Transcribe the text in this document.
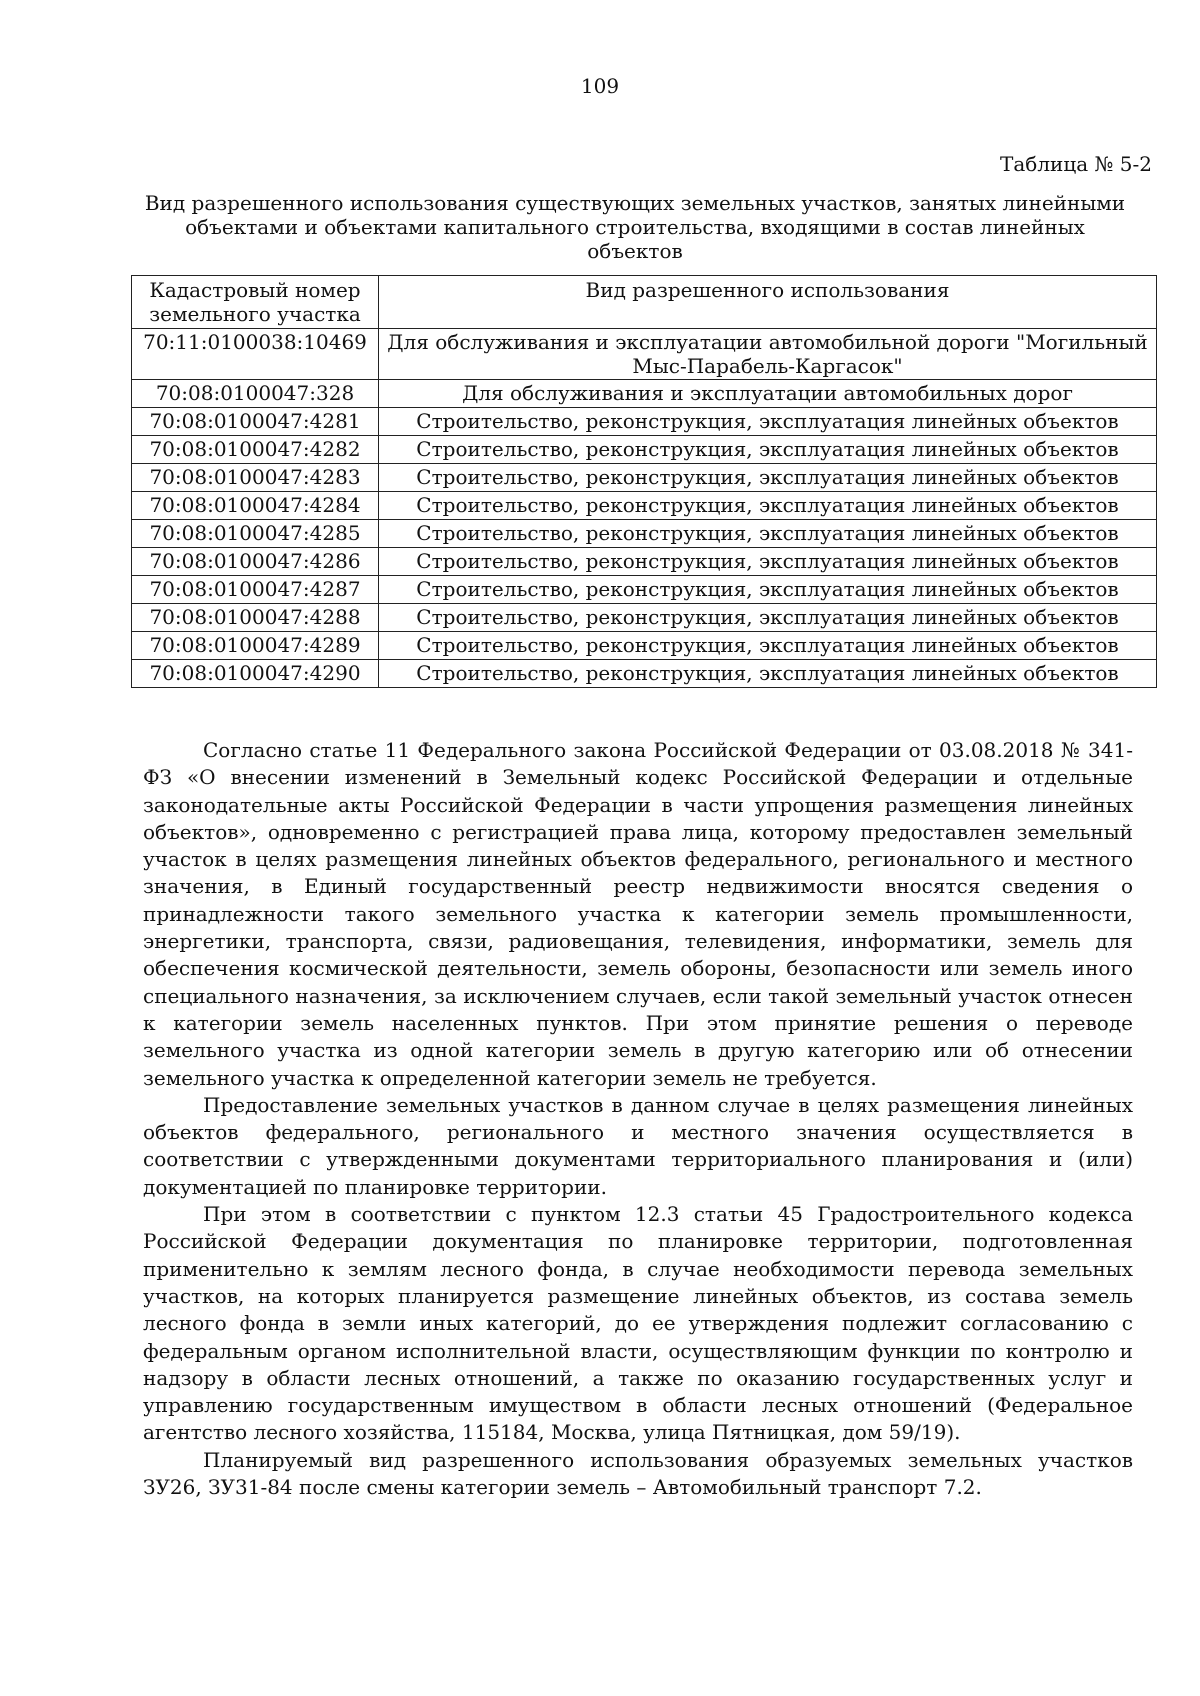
109
Таблица № 5-2
Вид разрешенного использования существующих земельных участков, занятых линейными объектами и объектами капитального строительства, входящими в состав линейных объектов
Кадастровый номер земельного участка	Вид разрешенного использования
70:11:0100038:10469	Для обслуживания и эксплуатации автомобильной дороги "Могильный Мыс-Парабель-Каргасок"
70:08:0100047:328	Для обслуживания и эксплуатации автомобильных дорог
70:08:0100047:4281	Строительство, реконструкция, эксплуатация линейных объектов
70:08:0100047:4282	Строительство, реконструкция, эксплуатация линейных объектов
70:08:0100047:4283	Строительство, реконструкция, эксплуатация линейных объектов
70:08:0100047:4284	Строительство, реконструкция, эксплуатация линейных объектов
70:08:0100047:4285	Строительство, реконструкция, эксплуатация линейных объектов
70:08:0100047:4286	Строительство, реконструкция, эксплуатация линейных объектов
70:08:0100047:4287	Строительство, реконструкция, эксплуатация линейных объектов
70:08:0100047:4288	Строительство, реконструкция, эксплуатация линейных объектов
70:08:0100047:4289	Строительство, реконструкция, эксплуатация линейных объектов
70:08:0100047:4290	Строительство, реконструкция, эксплуатация линейных объектов

Согласно статье 11 Федерального закона Российской Федерации от 03.08.2018 № 341-ФЗ «О внесении изменений в Земельный кодекс Российской Федерации и отдельные законодательные акты Российской Федерации в части упрощения размещения линейных объектов», одновременно с регистрацией права лица, которому предоставлен земельный участок в целях размещения линейных объектов федерального, регионального и местного значения, в Единый государственный реестр недвижимости вносятся сведения о принадлежности такого земельного участка к категории земель промышленности, энергетики, транспорта, связи, радиовещания, телевидения, информатики, земель для обеспечения космической деятельности, земель обороны, безопасности или земель иного специального назначения, за исключением случаев, если такой земельный участок отнесен к категории земель населенных пунктов. При этом принятие решения о переводе земельного участка из одной категории земель в другую категорию или об отнесении земельного участка к определенной категории земель не требуется.

Предоставление земельных участков в данном случае в целях размещения линейных объектов федерального, регионального и местного значения осуществляется в соответствии с утвержденными документами территориального планирования и (или) документацией по планировке территории.

При этом в соответствии с пунктом 12.3 статьи 45 Градостроительного кодекса Российской Федерации документация по планировке территории, подготовленная применительно к землям лесного фонда, в случае необходимости перевода земельных участков, на которых планируется размещение линейных объектов, из состава земель лесного фонда в земли иных категорий, до ее утверждения подлежит согласованию с федеральным органом исполнительной власти, осуществляющим функции по контролю и надзору в области лесных отношений, а также по оказанию государственных услуг и управлению государственным имуществом в области лесных отношений (Федеральное агентство лесного хозяйства, 115184, Москва, улица Пятницкая, дом 59/19).

Планируемый вид разрешенного использования образуемых земельных участков ЗУ26, ЗУ31-84 после смены категории земель – Автомобильный транспорт 7.2.
